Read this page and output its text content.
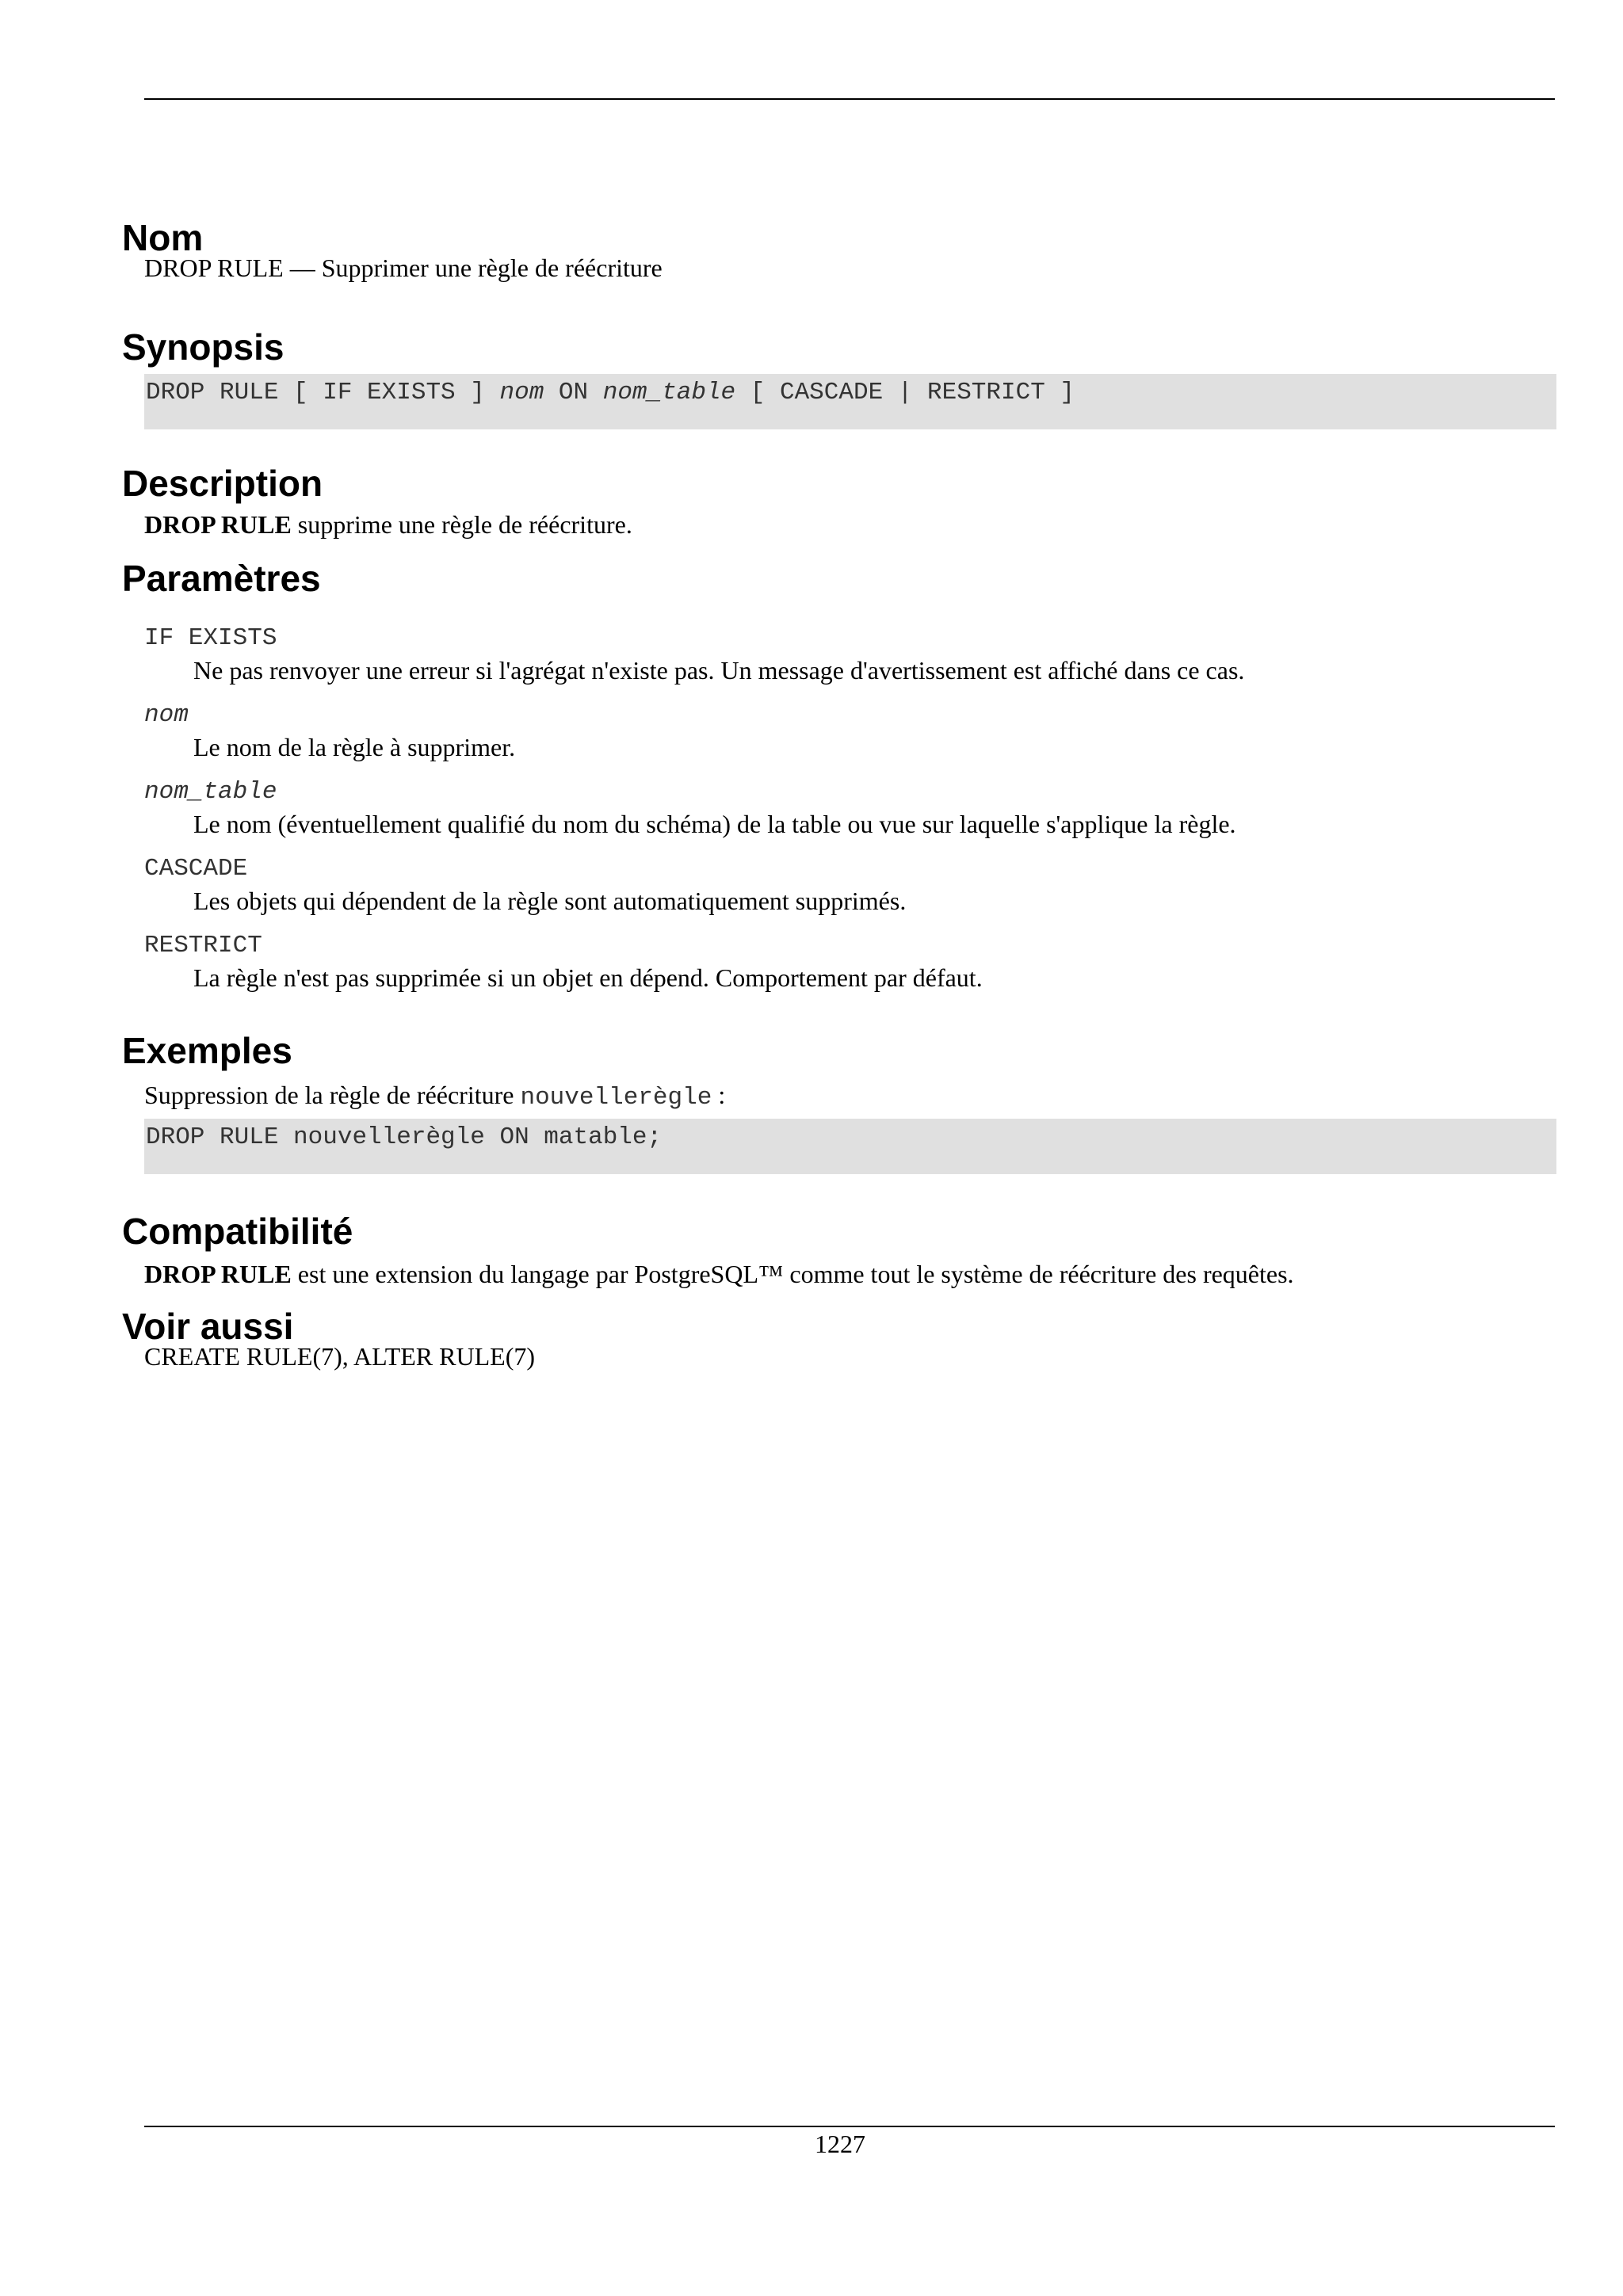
Nom

DROP RULE — Supprimer une règle de réécriture

Synopsis
DROP RULE [ IF EXISTS ] nom ON nom_table [ CASCADE | RESTRICT ]
Description

DROP RULE supprime une règle de réécriture.

Paramètres
IF EXISTS
Ne pas renvoyer une erreur si l'agrégat n'existe pas. Un message d'avertissement est affiché dans ce cas.
nom
Le nom de la règle à supprimer.
nom_table
Le nom (éventuellement qualifié du nom du schéma) de la table ou vue sur laquelle s'applique la règle.
CASCADE
Les objets qui dépendent de la règle sont automatiquement supprimés.
RESTRICT
La règle n'est pas supprimée si un objet en dépend. Comportement par défaut.
Exemples

Suppression de la règle de réécriture nouvellerègle :

DROP RULE nouvellerègle ON matable;
Compatibilité

DROP RULE est une extension du langage par PostgreSQL™ comme tout le système de réécriture des requêtes.

Voir aussi

CREATE RULE(7), ALTER RULE(7)

1227
